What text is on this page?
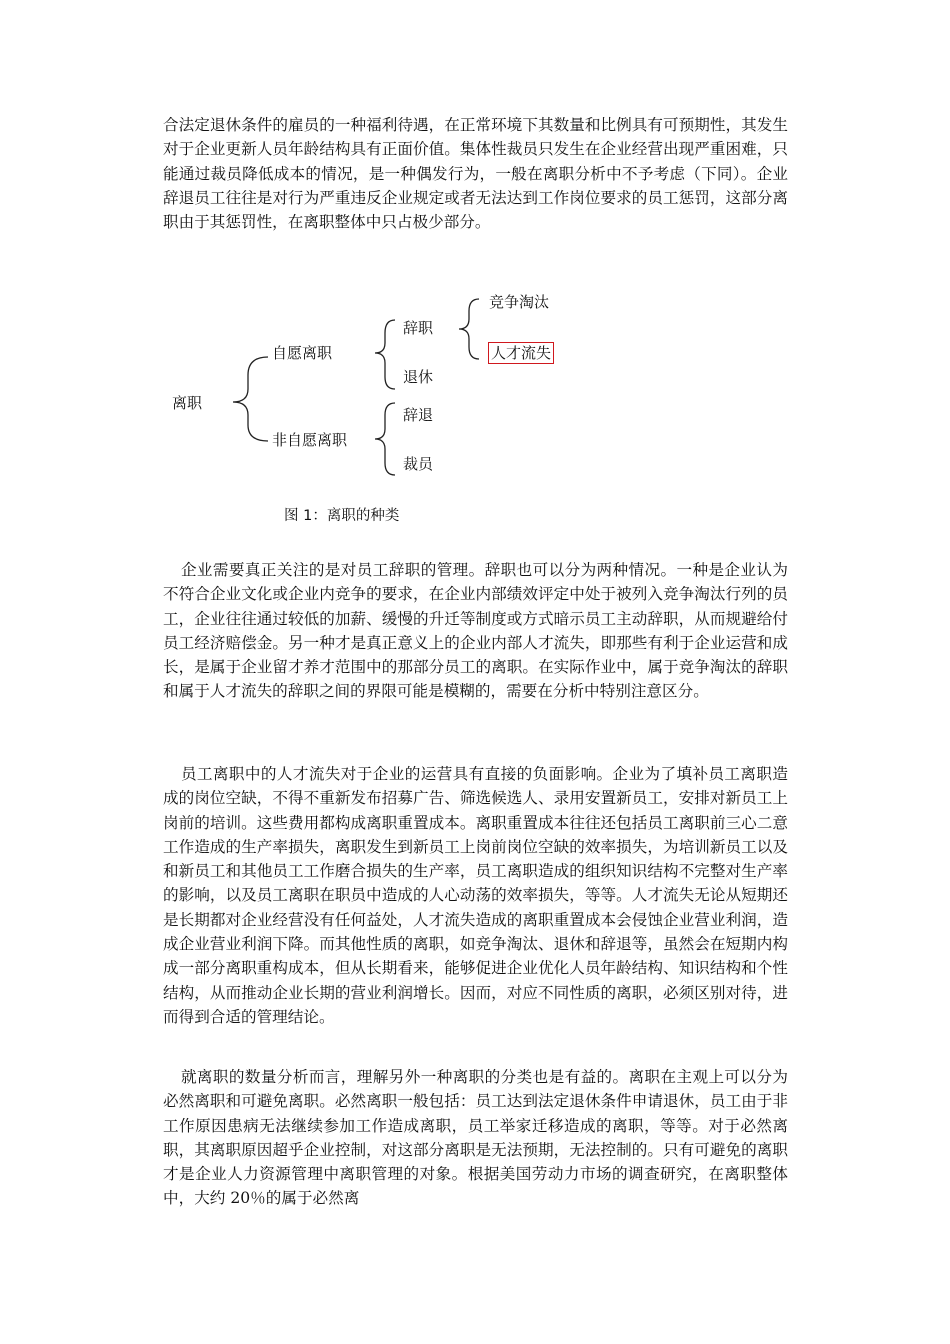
合法定退休条件的雇员的一种福利待遇，在正常环境下其数量和比例具有可预期性，其发生对于企业更新人员年龄结构具有正面价值。集体性裁员只发生在企业经营出现严重困难，只能通过裁员降低成本的情况，是一种偶发行为，一般在离职分析中不予考虑（下同）。企业辞退员工往往是对行为严重违反企业规定或者无法达到工作岗位要求的员工惩罚，这部分离职由于其惩罚性，在离职整体中只占极少部分。

离职
自愿离职
非自愿离职
辞职
退休
辞退
裁员
竞争淘汰
人才流失
图 1：离职的种类

企业需要真正关注的是对员工辞职的管理。辞职也可以分为两种情况。一种是企业认为不符合企业文化或企业内竞争的要求，在企业内部绩效评定中处于被列入竞争淘汰行列的员工，企业往往通过较低的加薪、缓慢的升迁等制度或方式暗示员工主动辞职，从而规避给付员工经济赔偿金。另一种才是真正意义上的企业内部人才流失，即那些有利于企业运营和成长，是属于企业留才养才范围中的那部分员工的离职。在实际作业中，属于竞争淘汰的辞职和属于人才流失的辞职之间的界限可能是模糊的，需要在分析中特别注意区分。

员工离职中的人才流失对于企业的运营具有直接的负面影响。企业为了填补员工离职造成的岗位空缺，不得不重新发布招募广告、筛选候选人、录用安置新员工，安排对新员工上岗前的培训。这些费用都构成离职重置成本。离职重置成本往往还包括员工离职前三心二意工作造成的生产率损失，离职发生到新员工上岗前岗位空缺的效率损失，为培训新员工以及和新员工和其他员工工作磨合损失的生产率，员工离职造成的组织知识结构不完整对生产率的影响，以及员工离职在职员中造成的人心动荡的效率损失，等等。人才流失无论从短期还是长期都对企业经营没有任何益处，人才流失造成的离职重置成本会侵蚀企业营业利润，造成企业营业利润下降。而其他性质的离职，如竞争淘汰、退休和辞退等，虽然会在短期内构成一部分离职重构成本，但从长期看来，能够促进企业优化人员年龄结构、知识结构和个性结构，从而推动企业长期的营业利润增长。因而，对应不同性质的离职，必须区别对待，进而得到合适的管理结论。

就离职的数量分析而言，理解另外一种离职的分类也是有益的。离职在主观上可以分为必然离职和可避免离职。必然离职一般包括：员工达到法定退休条件申请退休，员工由于非工作原因患病无法继续参加工作造成离职，员工举家迁移造成的离职，等等。对于必然离职，其离职原因超乎企业控制，对这部分离职是无法预期，无法控制的。只有可避免的离职才是企业人力资源管理中离职管理的对象。根据美国劳动力市场的调查研究，在离职整体中，大约 20％的属于必然离
